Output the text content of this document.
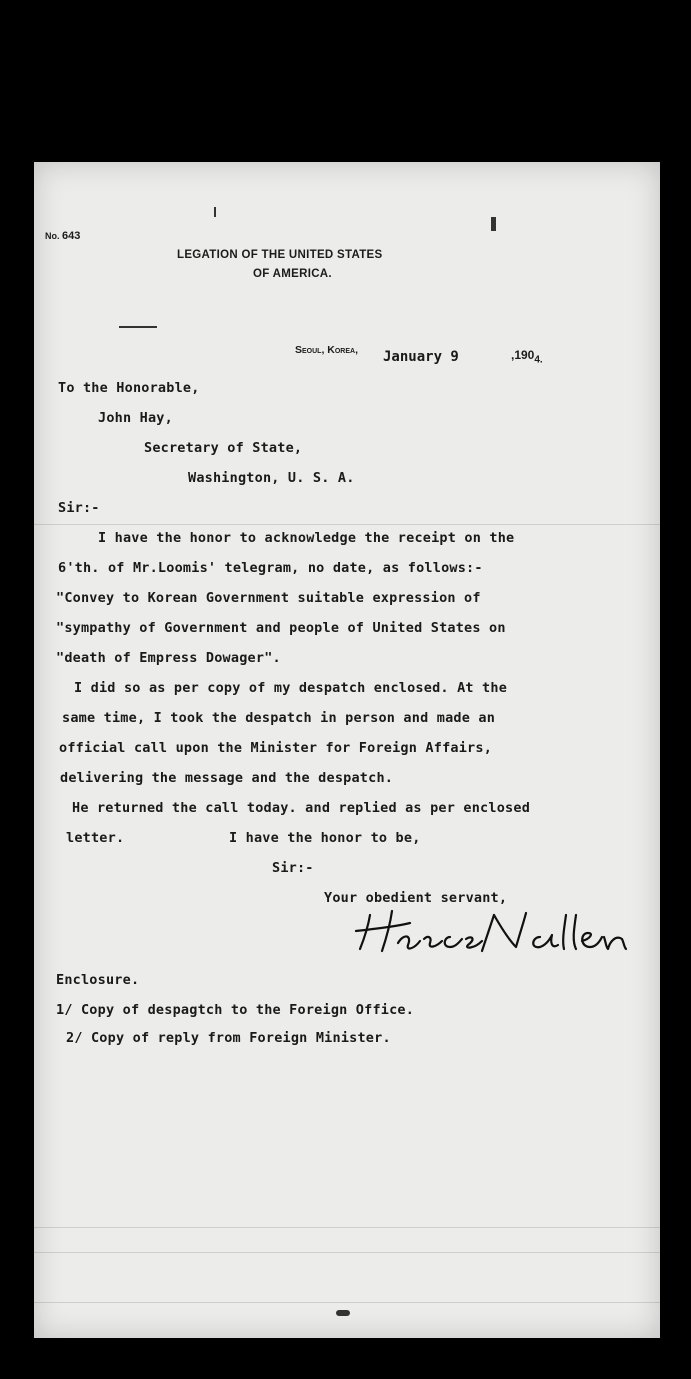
No. 643
LEGATION OF THE UNITED STATES
OF AMERICA.
Seoul, Korea, January 9	$,190_{4.}$
To the Honorable,
John Hay,
Secretary of State,
Washington, U. S. A.
Sir:-
I have the honor to acknowledge the receipt on the
6'th. of Mr.Loomis' telegram, no date, as follows:-
"Convey to Korean Government suitable expression of
"sympathy of Government and people of United States on
"death of Empress Dowager".
I did so as per copy of my despatch enclosed. At the
same time, I took the despatch in person and made an
official call upon the Minister for Foreign Affairs,
delivering the message and the despatch.
He returned the call today. and replied as per enclosed
letter.	I have the honor to be,
Sir:-
Your obedient servant,
Enclosure.
1/ Copy of despagtch to the Foreign Office.
2/ Copy of reply from Foreign Minister.
